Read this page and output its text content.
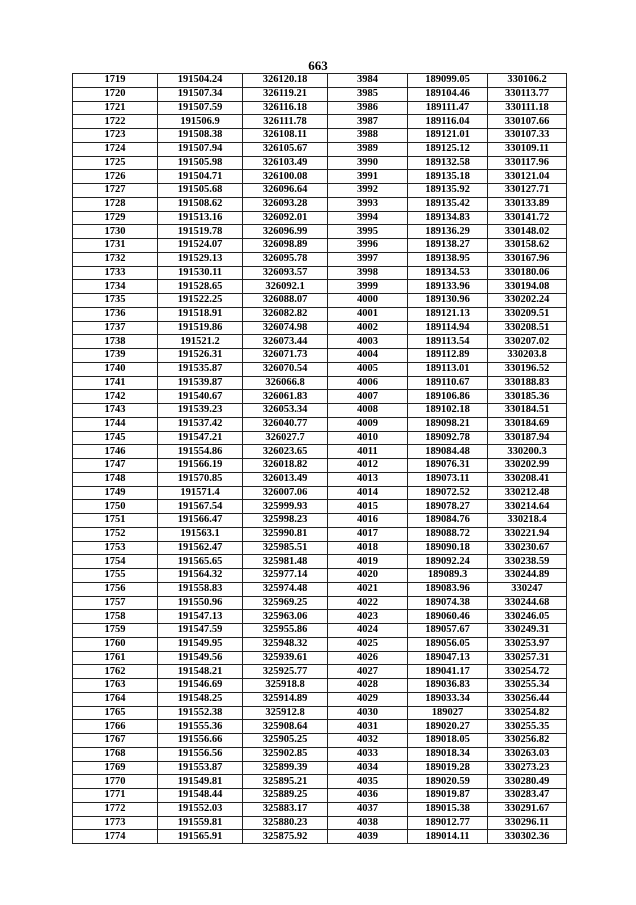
663
1719	191504.24	326120.18	3984	189099.05	330106.2
1720	191507.34	326119.21	3985	189104.46	330113.77
1721	191507.59	326116.18	3986	189111.47	330111.18
1722	191506.9	326111.78	3987	189116.04	330107.66
1723	191508.38	326108.11	3988	189121.01	330107.33
1724	191507.94	326105.67	3989	189125.12	330109.11
1725	191505.98	326103.49	3990	189132.58	330117.96
1726	191504.71	326100.08	3991	189135.18	330121.04
1727	191505.68	326096.64	3992	189135.92	330127.71
1728	191508.62	326093.28	3993	189135.42	330133.89
1729	191513.16	326092.01	3994	189134.83	330141.72
1730	191519.78	326096.99	3995	189136.29	330148.02
1731	191524.07	326098.89	3996	189138.27	330158.62
1732	191529.13	326095.78	3997	189138.95	330167.96
1733	191530.11	326093.57	3998	189134.53	330180.06
1734	191528.65	326092.1	3999	189133.96	330194.08
1735	191522.25	326088.07	4000	189130.96	330202.24
1736	191518.91	326082.82	4001	189121.13	330209.51
1737	191519.86	326074.98	4002	189114.94	330208.51
1738	191521.2	326073.44	4003	189113.54	330207.02
1739	191526.31	326071.73	4004	189112.89	330203.8
1740	191535.87	326070.54	4005	189113.01	330196.52
1741	191539.87	326066.8	4006	189110.67	330188.83
1742	191540.67	326061.83	4007	189106.86	330185.36
1743	191539.23	326053.34	4008	189102.18	330184.51
1744	191537.42	326040.77	4009	189098.21	330184.69
1745	191547.21	326027.7	4010	189092.78	330187.94
1746	191554.86	326023.65	4011	189084.48	330200.3
1747	191566.19	326018.82	4012	189076.31	330202.99
1748	191570.85	326013.49	4013	189073.11	330208.41
1749	191571.4	326007.06	4014	189072.52	330212.48
1750	191567.54	325999.93	4015	189078.27	330214.64
1751	191566.47	325998.23	4016	189084.76	330218.4
1752	191563.1	325990.81	4017	189088.72	330221.94
1753	191562.47	325985.51	4018	189090.18	330230.67
1754	191565.65	325981.48	4019	189092.24	330238.59
1755	191564.32	325977.14	4020	189089.3	330244.89
1756	191558.83	325974.48	4021	189083.96	330247
1757	191550.96	325969.25	4022	189074.38	330244.68
1758	191547.13	325963.06	4023	189060.46	330246.05
1759	191547.59	325955.86	4024	189057.67	330249.31
1760	191549.95	325948.32	4025	189056.05	330253.97
1761	191549.56	325939.61	4026	189047.13	330257.31
1762	191548.21	325925.77	4027	189041.17	330254.72
1763	191546.69	325918.8	4028	189036.83	330255.34
1764	191548.25	325914.89	4029	189033.34	330256.44
1765	191552.38	325912.8	4030	189027	330254.82
1766	191555.36	325908.64	4031	189020.27	330255.35
1767	191556.66	325905.25	4032	189018.05	330256.82
1768	191556.56	325902.85	4033	189018.34	330263.03
1769	191553.87	325899.39	4034	189019.28	330273.23
1770	191549.81	325895.21	4035	189020.59	330280.49
1771	191548.44	325889.25	4036	189019.87	330283.47
1772	191552.03	325883.17	4037	189015.38	330291.67
1773	191559.81	325880.23	4038	189012.77	330296.11
1774	191565.91	325875.92	4039	189014.11	330302.36
